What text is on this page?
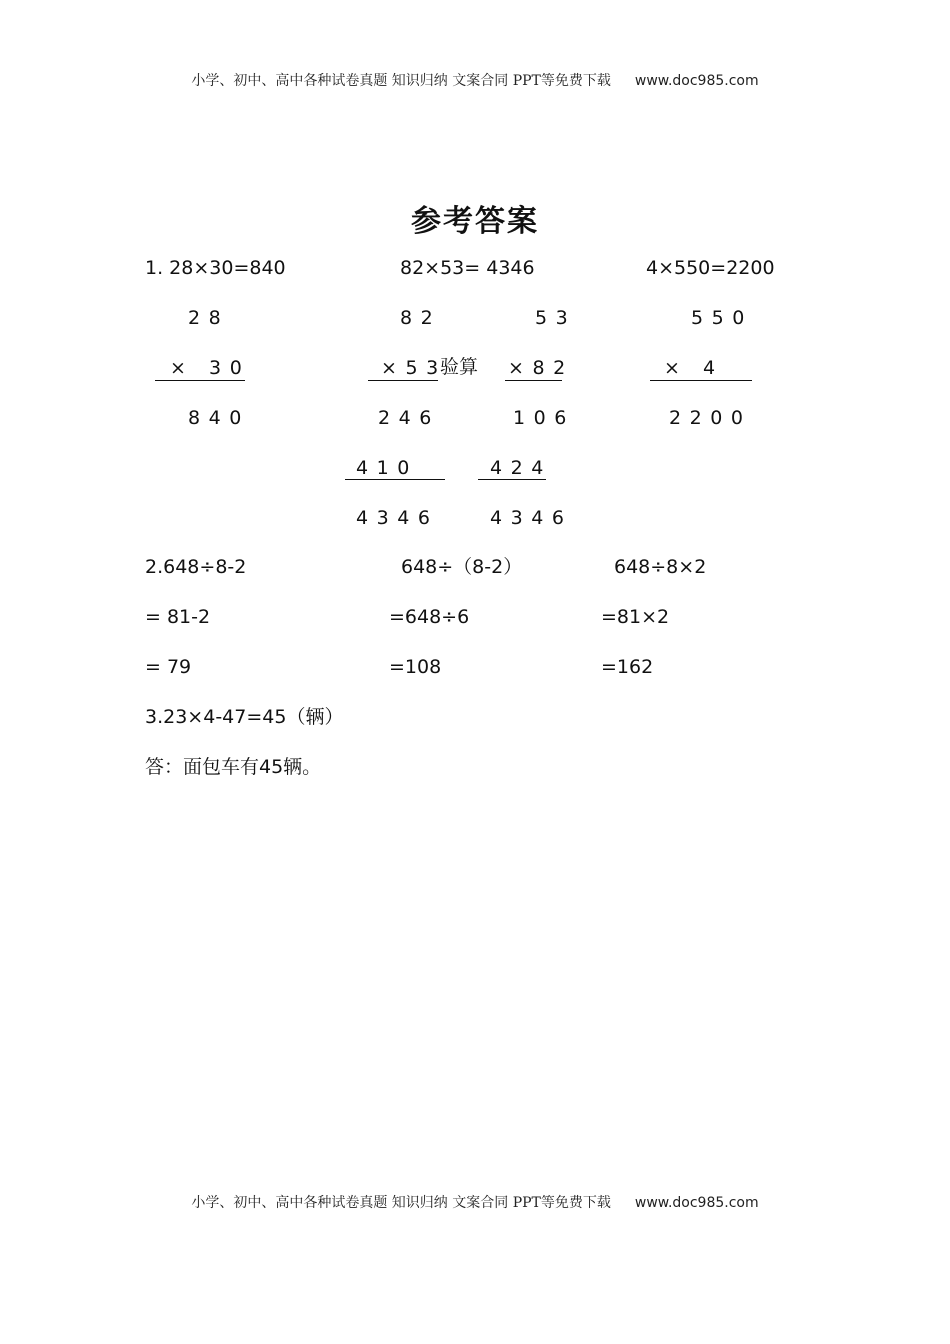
小学、初中、高中各种试卷真题 知识归纳 文案合同 PPT等免费下载 www.doc985.com
参考答案
1. 28×30=840	82×53= 4346	4×550=2200
28
× 30
840
82
×53
验算
246
410
4346
53
×82
106
424
4346
550
× 4
2200
2.648÷8-2
= 81-2
= 79
648÷（8-2）
=648÷6
=108
648÷8×2
=81×2
=162
3.23×4-47=45（辆）
答：面包车有45辆。
小学、初中、高中各种试卷真题 知识归纳 文案合同 PPT等免费下载 www.doc985.com
